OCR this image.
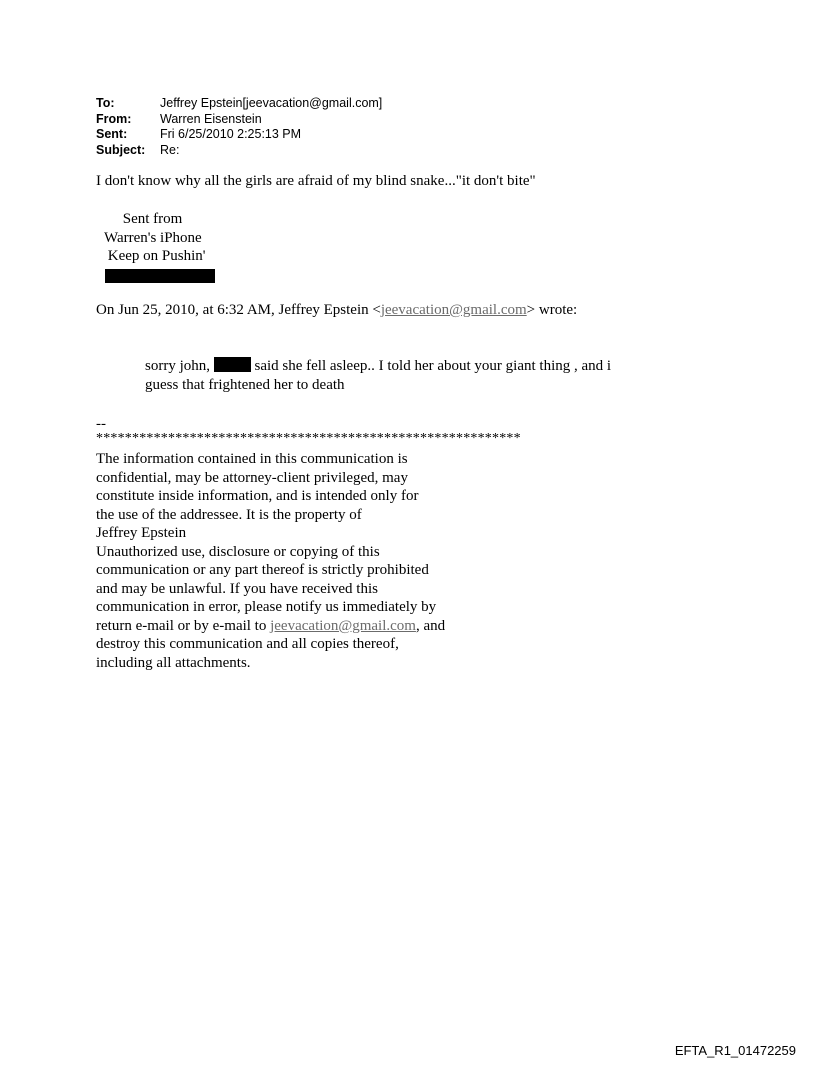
To:	Jeffrey Epstein[jeevacation@gmail.com]
From:	Warren Eisenstein
Sent:	Fri 6/25/2010 2:25:13 PM
Subject:	Re:
I don't know why all the girls are afraid of my blind snake..."it don't bite"
Sent from
Warren's iPhone
Keep on Pushin'
On Jun 25, 2010, at 6:32 AM, Jeffrey Epstein <jeevacation@gmail.com> wrote:
sorry john,  said she fell asleep.. I told her about your giant thing , and i
guess that frightened her to death
--
***********************************************************
The information contained in this communication is
confidential, may be attorney-client privileged, may
constitute inside information, and is intended only for
the use of the addressee. It is the property of
Jeffrey Epstein
Unauthorized use, disclosure or copying of this
communication or any part thereof is strictly prohibited
and may be unlawful. If you have received this
communication in error, please notify us immediately by
return e-mail or by e-mail to jeevacation@gmail.com, and
destroy this communication and all copies thereof,
including all attachments.
EFTA_R1_01472259
